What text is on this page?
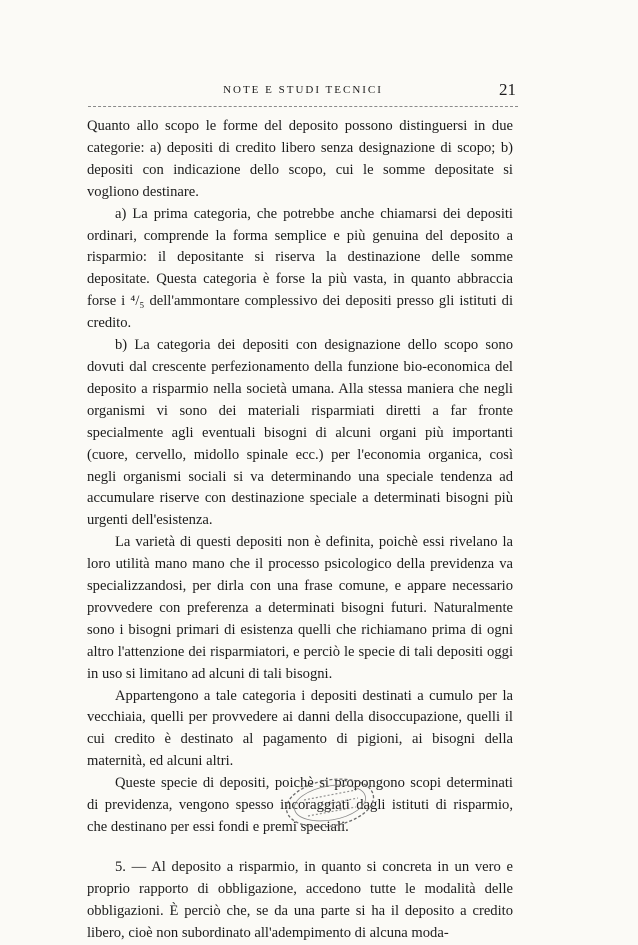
NOTE E STUDI TECNICI	21

Quanto allo scopo le forme del deposito possono distinguersi in due categorie: a) depositi di credito libero senza designazione di scopo; b) depositi con indicazione dello scopo, cui le somme depositate si vogliono destinare.

a) La prima categoria, che potrebbe anche chiamarsi dei depositi ordinari, comprende la forma semplice e più genuina del deposito a risparmio: il depositante si riserva la destinazione delle somme depositate. Questa categoria è forse la più vasta, in quanto abbraccia forse i ⁴/₅ dell'ammontare complessivo dei depositi presso gli istituti di credito.

b) La categoria dei depositi con designazione dello scopo sono dovuti dal crescente perfezionamento della funzione bio-economica del deposito a risparmio nella società umana. Alla stessa maniera che negli organismi vi sono dei materiali risparmiati diretti a far fronte specialmente agli eventuali bisogni di alcuni organi più importanti (cuore, cervello, midollo spinale ecc.) per l'economia organica, così negli organismi sociali si va determinando una speciale tendenza ad accumulare riserve con destinazione speciale a determinati bisogni più urgenti dell'esistenza.

La varietà di questi depositi non è definita, poichè essi rivelano la loro utilità mano mano che il processo psicologico della previdenza va specializzandosi, per dirla con una frase comune, e appare necessario provvedere con preferenza a determinati bisogni futuri. Naturalmente sono i bisogni primari di esistenza quelli che richiamano prima di ogni altro l'attenzione dei risparmiatori, e perciò le specie di tali depositi oggi in uso si limitano ad alcuni di tali bisogni.

Appartengono a tale categoria i depositi destinati a cumulo per la vecchiaia, quelli per provvedere ai danni della disoccupazione, quelli il cui credito è destinato al pagamento di pigioni, ai bisogni della maternità, ed alcuni altri.

Queste specie di depositi, poichè si propongono scopi determinati di previdenza, vengono spesso incoraggiati dagli istituti di risparmio, che destinano per essi fondi e premi speciali.

5. — Al deposito a risparmio, in quanto si concreta in un vero e proprio rapporto di obbligazione, accedono tutte le modalità delle obbligazioni. È perciò che, se da una parte si ha il deposito a credito libero, cioè non subordinato all'adempimento di alcuna moda-
